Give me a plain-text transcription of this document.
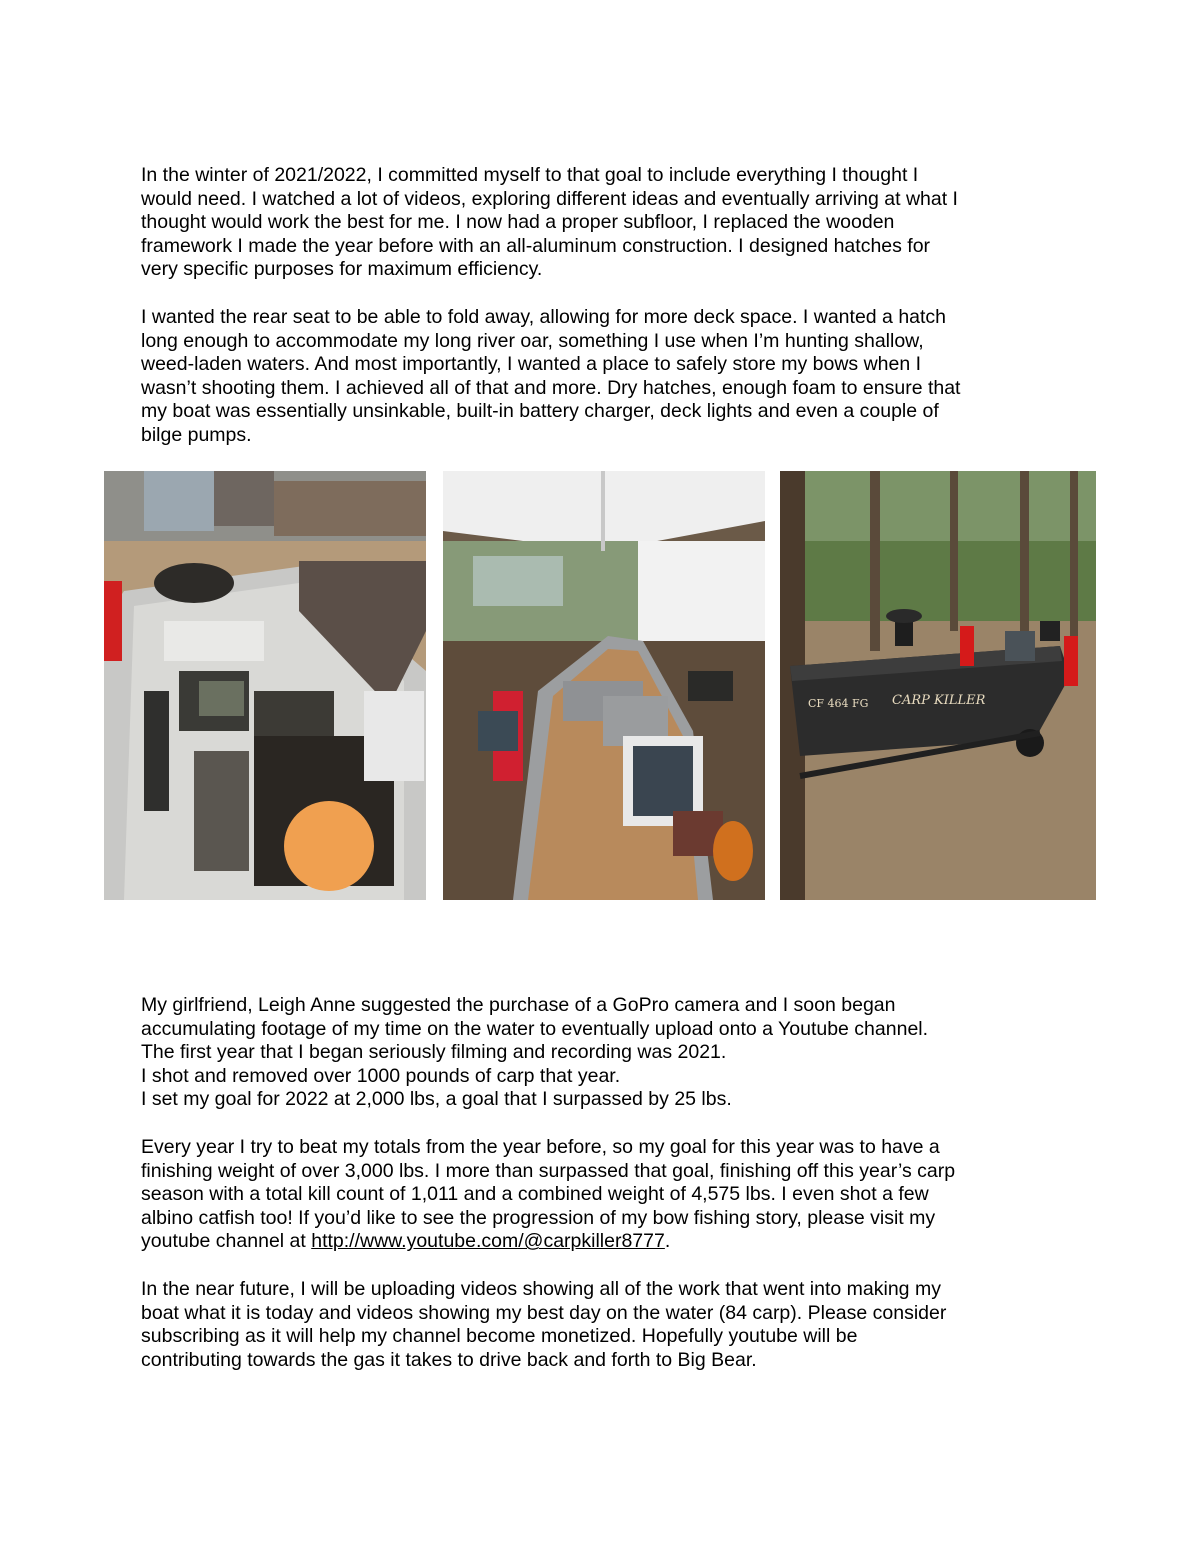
In the winter of 2021/2022, I committed myself to that goal to include everything I thought I
would need. I watched a lot of videos, exploring different ideas and eventually arriving at what I
thought would work the best for me. I now had a proper subfloor, I replaced the wooden
framework I made the year before with an all-aluminum construction. I designed hatches for
very specific purposes for maximum efficiency.
I wanted the rear seat to be able to fold away, allowing for more deck space. I wanted a hatch
long enough to accommodate my long river oar, something I use when I’m hunting shallow,
weed-laden waters. And most importantly, I wanted a place to safely store my bows when I
wasn’t shooting them. I achieved all of that and more. Dry hatches, enough foam to ensure that
my boat was essentially unsinkable, built-in battery charger, deck lights and even a couple of
bilge pumps.
CF 464 FG CARP KILLER
My girlfriend, Leigh Anne suggested the purchase of a GoPro camera and I soon began
accumulating footage of my time on the water to eventually upload onto a Youtube channel.
The first year that I began seriously filming and recording was 2021.
I shot and removed over 1000 pounds of carp that year.
I set my goal for 2022 at 2,000 lbs, a goal that I surpassed by 25 lbs.
Every year I try to beat my totals from the year before, so my goal for this year was to have a
finishing weight of over 3,000 lbs. I more than surpassed that goal, finishing off this year’s carp
season with a total kill count of 1,011 and a combined weight of 4,575 lbs. I even shot a few
albino catfish too! If you’d like to see the progression of my bow fishing story, please visit my
youtube channel at http://www.youtube.com/@carpkiller8777.
In the near future, I will be uploading videos showing all of the work that went into making my
boat what it is today and videos showing my best day on the water (84 carp). Please consider
subscribing as it will help my channel become monetized. Hopefully youtube will be
contributing towards the gas it takes to drive back and forth to Big Bear.
